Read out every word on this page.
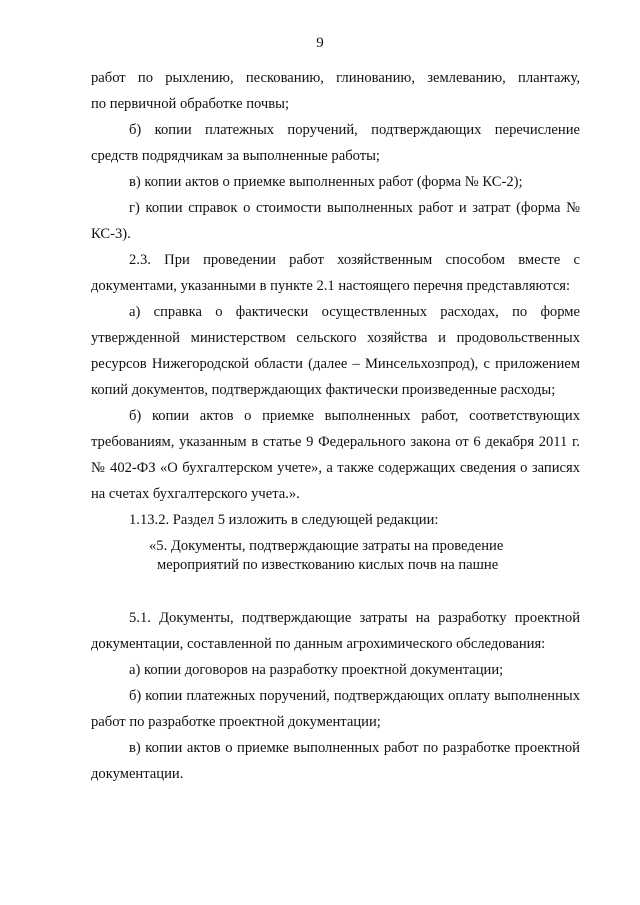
9

работ по рыхлению, пескованию, глинованию, землеванию, плантажу,

по первичной обработке почвы;

б) копии платежных поручений, подтверждающих перечисление средств подрядчикам за выполненные работы;

в) копии актов о приемке выполненных работ (форма № КС-2);

г) копии справок о стоимости выполненных работ и затрат (форма № КС-3).

2.3. При проведении работ хозяйственным способом вместе с документами, указанными в пункте 2.1 настоящего перечня представляются:

а) справка о фактически осуществленных расходах, по форме утвержденной министерством сельского хозяйства и продовольственных ресурсов Нижегородской области (далее – Минсельхозпрод), с приложением копий документов, подтверждающих фактически произведенные расходы;

б) копии актов о приемке выполненных работ, соответствующих требованиям, указанным в статье 9 Федерального закона от 6 декабря 2011 г. № 402-ФЗ «О бухгалтерском учете», а также содержащих сведения о записях на счетах бухгалтерского учета.».

1.13.2. Раздел 5 изложить в следующей редакции:

«5. Документы, подтверждающие затраты на проведение
мероприятий по известкованию кислых почв на пашне

5.1. Документы, подтверждающие затраты на разработку проектной документации, составленной по данным агрохимического обследования:

а) копии договоров на разработку проектной документации;

б) копии платежных поручений, подтверждающих оплату выполненных работ по разработке проектной документации;

в) копии актов о приемке выполненных работ по разработке проектной документации.
